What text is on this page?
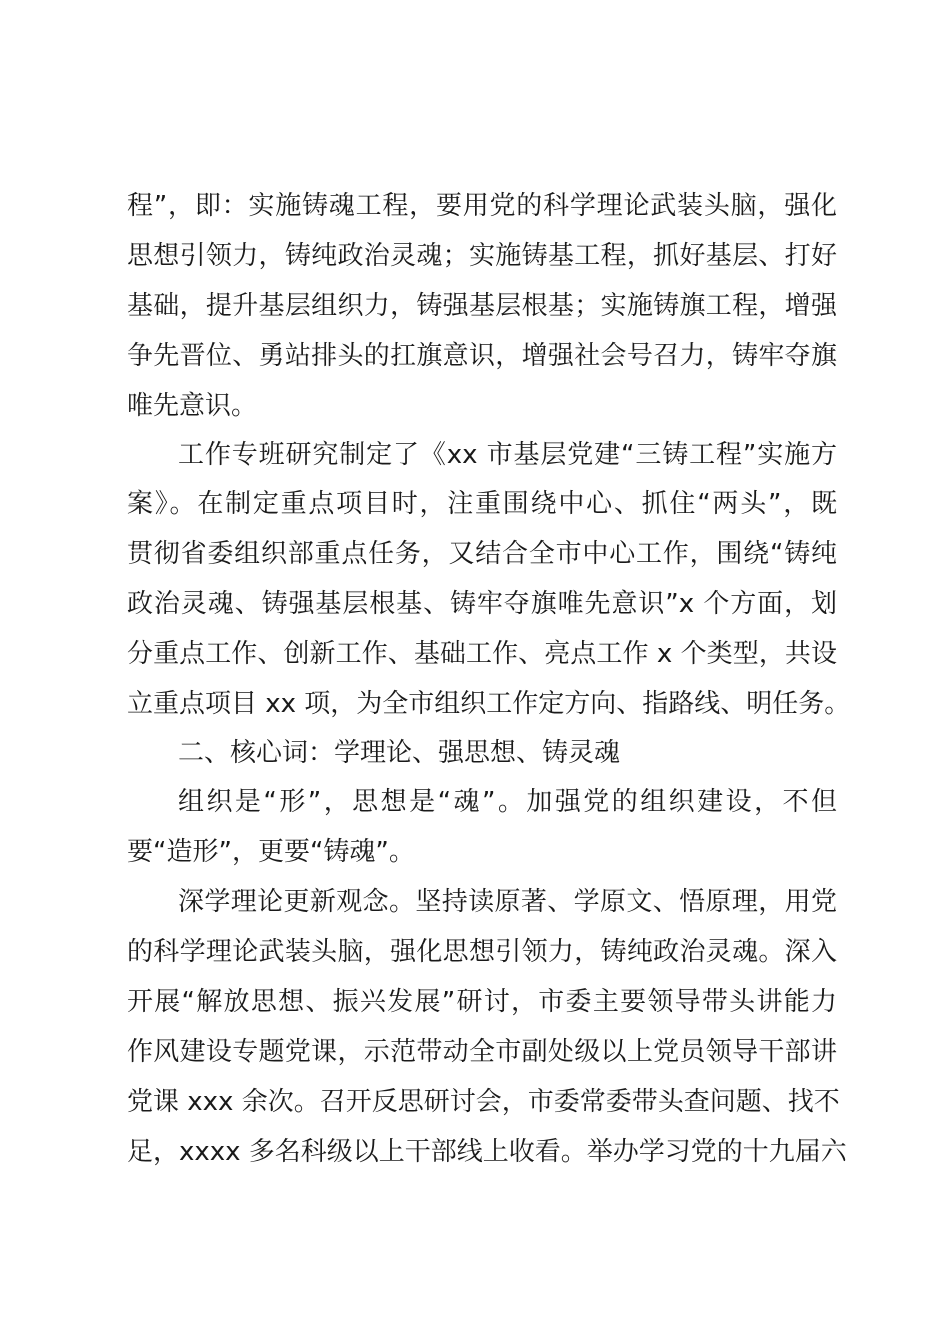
程”，即：实施铸魂工程，要用党的科学理论武装头脑，强化
思想引领力，铸纯政治灵魂；实施铸基工程，抓好基层、打好
基础，提升基层组织力，铸强基层根基；实施铸旗工程，增强
争先晋位、勇站排头的扛旗意识，增强社会号召力，铸牢夺旗
唯先意识。
工作专班研究制定了《xx 市基层党建“三铸工程”实施方
案》。在制定重点项目时，注重围绕中心、抓住“两头”，既
贯彻省委组织部重点任务，又结合全市中心工作，围绕“铸纯
政治灵魂、铸强基层根基、铸牢夺旗唯先意识”x 个方面，划
分重点工作、创新工作、基础工作、亮点工作 x 个类型，共设
立重点项目 xx 项，为全市组织工作定方向、指路线、明任务。
二、核心词：学理论、强思想、铸灵魂
组织是“形”，思想是“魂”。加强党的组织建设，不但
要“造形”，更要“铸魂”。
深学理论更新观念。坚持读原著、学原文、悟原理，用党
的科学理论武装头脑，强化思想引领力，铸纯政治灵魂。深入
开展“解放思想、振兴发展”研讨，市委主要领导带头讲能力
作风建设专题党课，示范带动全市副处级以上党员领导干部讲
党课 xxx 余次。召开反思研讨会，市委常委带头查问题、找不
足，xxxx 多名科级以上干部线上收看。举办学习党的十九届六
